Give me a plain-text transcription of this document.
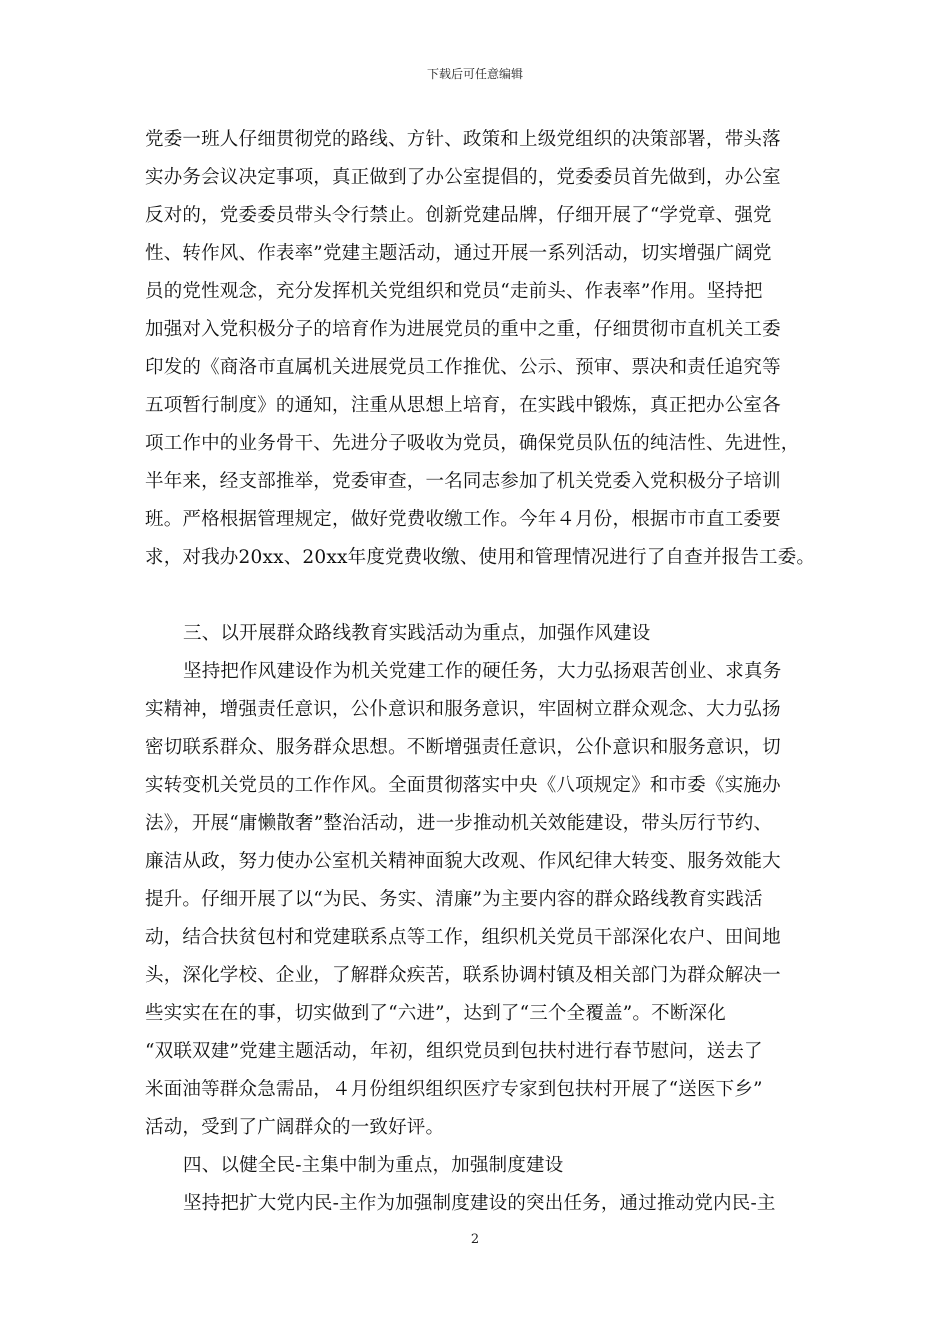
下载后可任意编辑
党委一班人仔细贯彻党的路线、方针、政策和上级党组织的决策部署，带头落
实办务会议决定事项，真正做到了办公室提倡的，党委委员首先做到，办公室
反对的，党委委员带头令行禁止。创新党建品牌，仔细开展了“学党章、强党
性、转作风、作表率”党建主题活动，通过开展一系列活动，切实增强广阔党
员的党性观念，充分发挥机关党组织和党员“走前头、作表率”作用。坚持把
加强对入党积极分子的培育作为进展党员的重中之重，仔细贯彻市直机关工委
印发的《商洛市直属机关进展党员工作推优、公示、预审、票决和责任追究等
五项暂行制度》的通知，注重从思想上培育，在实践中锻炼，真正把办公室各
项工作中的业务骨干、先进分子吸收为党员，确保党员队伍的纯洁性、先进性，
半年来，经支部推举，党委审查，一名同志参加了机关党委入党积极分子培训
班。严格根据管理规定，做好党费收缴工作。今年４月份，根据市市直工委要
求，对我办20xx、20xx年度党费收缴、使用和管理情况进行了自查并报告工委。
三、以开展群众路线教育实践活动为重点，加强作风建设
坚持把作风建设作为机关党建工作的硬任务，大力弘扬艰苦创业、求真务
实精神，增强责任意识，公仆意识和服务意识，牢固树立群众观念、大力弘扬
密切联系群众、服务群众思想。不断增强责任意识，公仆意识和服务意识，切
实转变机关党员的工作作风。全面贯彻落实中央《八项规定》和市委《实施办
法》，开展“庸懒散奢”整治活动，进一步推动机关效能建设，带头厉行节约、
廉洁从政，努力使办公室机关精神面貌大改观、作风纪律大转变、服务效能大
提升。仔细开展了以“为民、务实、清廉”为主要内容的群众路线教育实践活
动，结合扶贫包村和党建联系点等工作，组织机关党员干部深化农户、田间地
头，深化学校、企业，了解群众疾苦，联系协调村镇及相关部门为群众解决一
些实实在在的事，切实做到了“六进”，达到了“三个全覆盖”。不断深化
“双联双建”党建主题活动，年初，组织党员到包扶村进行春节慰问，送去了
米面油等群众急需品，４月份组织组织医疗专家到包扶村开展了“送医下乡”
活动，受到了广阔群众的一致好评。
四、以健全民-主集中制为重点，加强制度建设
坚持把扩大党内民-主作为加强制度建设的突出任务，通过推动党内民-主
2
